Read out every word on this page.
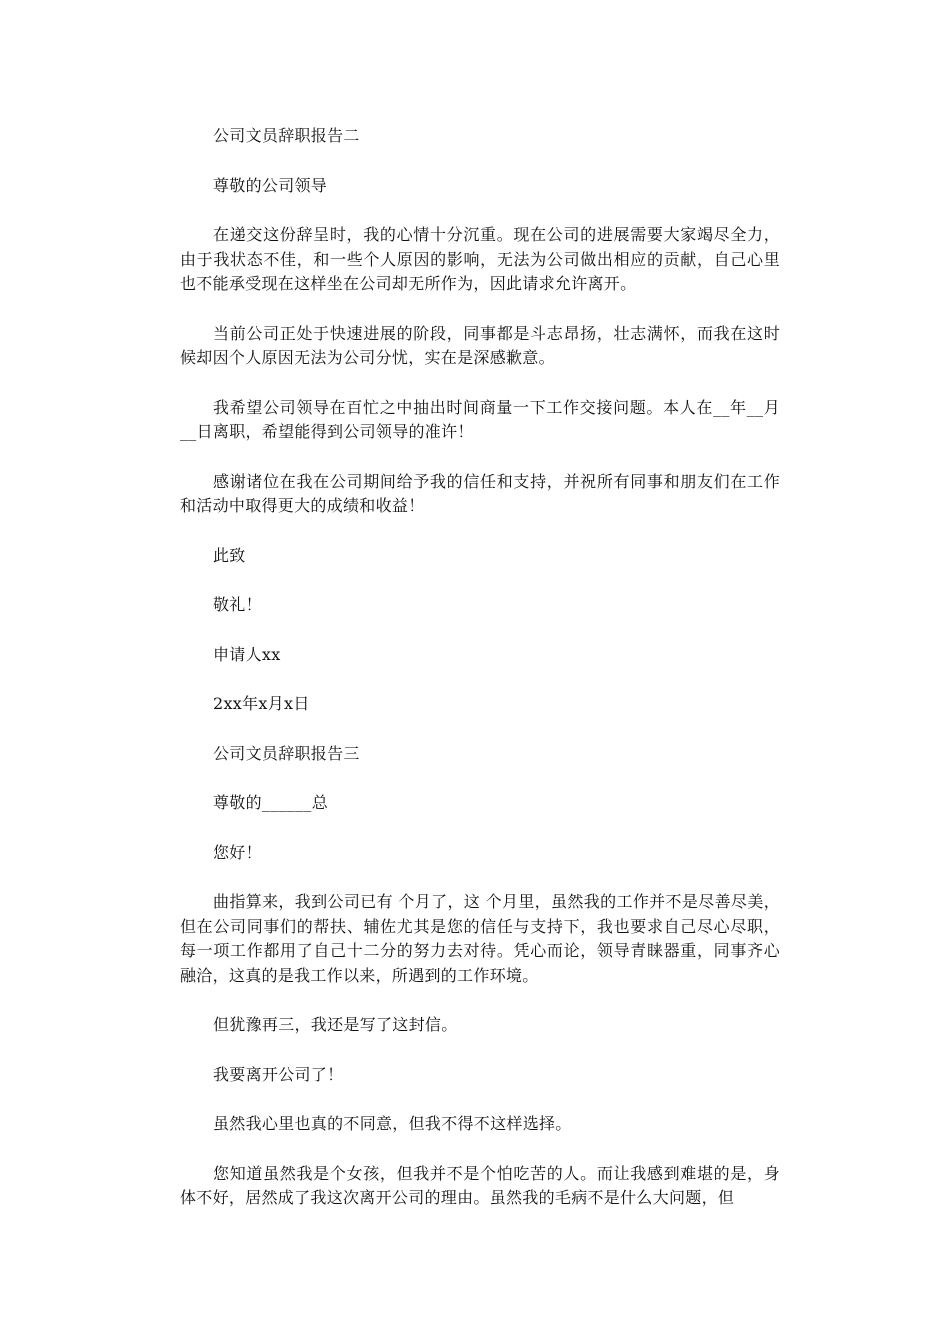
公司文员辞职报告二

尊敬的公司领导

在递交这份辞呈时，我的心情十分沉重。现在公司的进展需要大家竭尽全力，由于我状态不佳，和一些个人原因的影响，无法为公司做出相应的贡献，自己心里也不能承受现在这样坐在公司却无所作为，因此请求允许离开。

当前公司正处于快速进展的阶段，同事都是斗志昂扬，壮志满怀，而我在这时候却因个人原因无法为公司分忧，实在是深感歉意。

我希望公司领导在百忙之中抽出时间商量一下工作交接问题。本人在__年__月__日离职，希望能得到公司领导的准许！

感谢诸位在我在公司期间给予我的信任和支持，并祝所有同事和朋友们在工作和活动中取得更大的成绩和收益！

此致

敬礼！

申请人xx

2xx年x月x日

公司文员辞职报告三

尊敬的______总

您好！

曲指算来，我到公司已有 个月了，这 个月里，虽然我的工作并不是尽善尽美，但在公司同事们的帮扶、辅佐尤其是您的信任与支持下，我也要求自己尽心尽职，每一项工作都用了自己十二分的努力去对待。凭心而论，领导青睐器重，同事齐心融洽，这真的是我工作以来，所遇到的工作环境。

但犹豫再三，我还是写了这封信。

我要离开公司了！

虽然我心里也真的不同意，但我不得不这样选择。

您知道虽然我是个女孩，但我并不是个怕吃苦的人。而让我感到难堪的是，身体不好，居然成了我这次离开公司的理由。虽然我的毛病不是什么大问题，但
